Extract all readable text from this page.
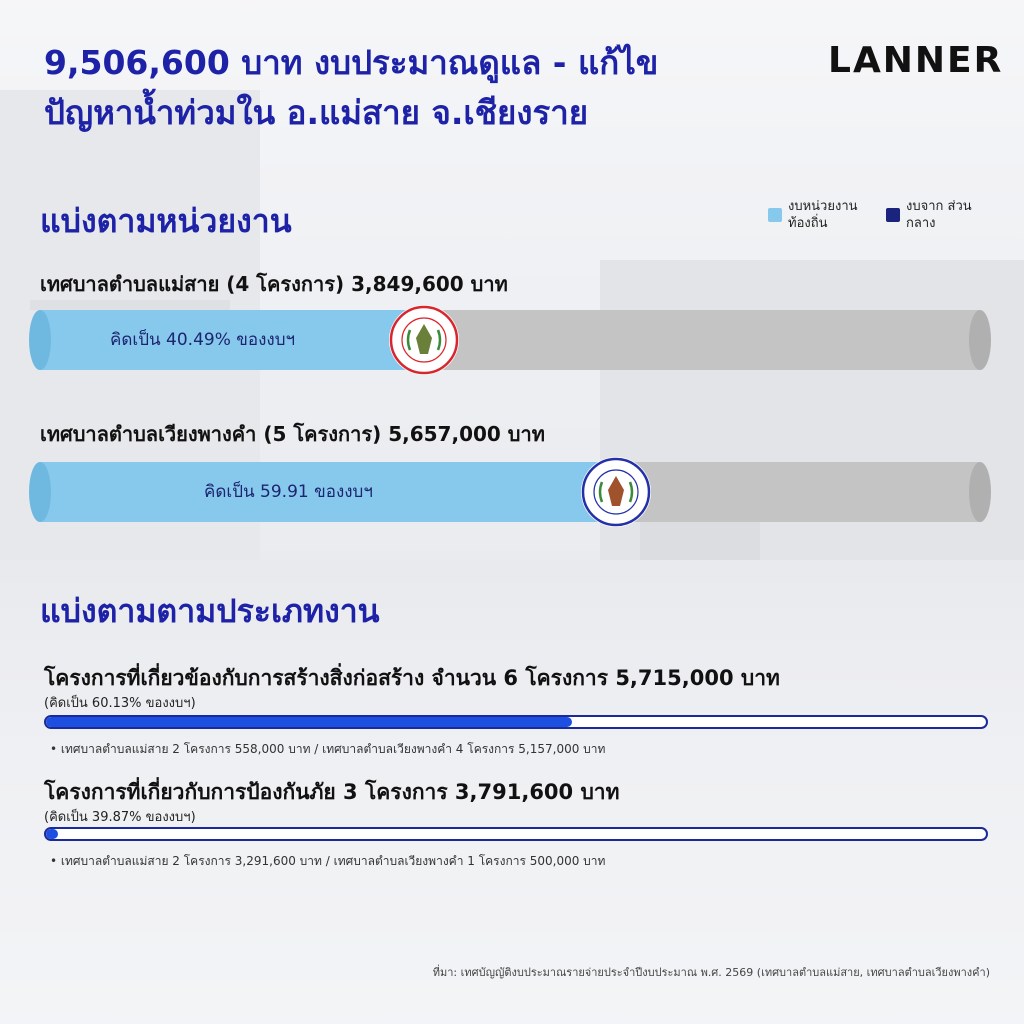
9,506,600 บาท งบประมาณดูแล - แก้ไข
ปัญหาน้ำท่วมใน อ.แม่สาย จ.เชียงราย
LANNER
แบ่งตามหน่วยงาน	งบหน่วยงาน ท้องถิ่น
งบจาก ส่วนกลาง
เทศบาลตำบลแม่สาย (4 โครงการ) 3,849,600 บาท
คิดเป็น 40.49% ของงบฯ
เทศบาลตำบลเวียงพางคำ (5 โครงการ) 5,657,000 บาท
คิดเป็น 59.91 ของงบฯ
แบ่งตามตามประเภทงาน
โครงการที่เกี่ยวข้องกับการสร้างสิ่งก่อสร้าง จำนวน 6 โครงการ 5,715,000 บาท
(คิดเป็น 60.13% ของงบฯ)
• เทศบาลตำบลแม่สาย 2 โครงการ 558,000 บาท / เทศบาลตำบลเวียงพางคำ 4 โครงการ 5,157,000 บาท
โครงการที่เกี่ยวกับการป้องกันภัย 3 โครงการ 3,791,600 บาท
(คิดเป็น 39.87% ของงบฯ)
• เทศบาลตำบลแม่สาย 2 โครงการ 3,291,600 บาท / เทศบาลตำบลเวียงพางคำ 1 โครงการ 500,000 บาท
ที่มา: เทศบัญญัติงบประมาณรายจ่ายประจำปีงบประมาณ พ.ศ. 2569 (เทศบาลตำบลแม่สาย, เทศบาลตำบลเวียงพางคำ)
